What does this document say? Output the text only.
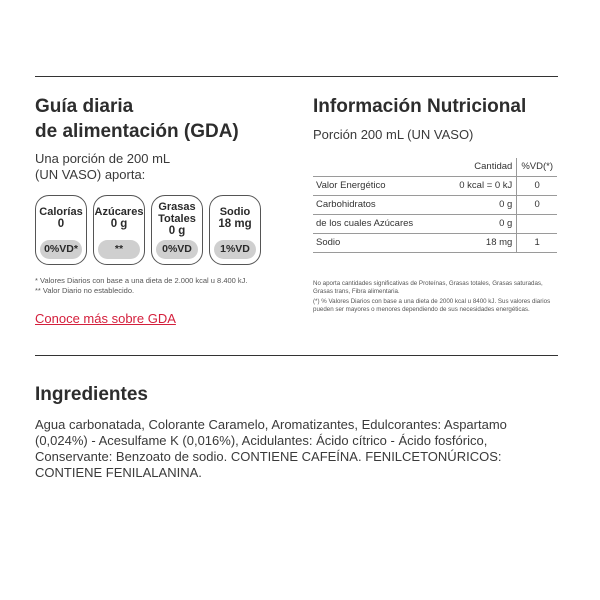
Guía diaria
de alimentación (GDA)
Una porción de 200 mL
(UN VASO) aporta:
Calorías
0
0%VD*
Azúcares
0 g
**
Grasas
Totales
0 g
0%VD
Sodio
18 mg
1%VD
* Valores Diarios con base a una dieta de 2.000 kcal u 8.400 kJ.
** Valor Diario no establecido.
Conoce más sobre GDA
Información Nutricional
Porción 200 mL (UN VASO)
	Cantidad	%VD(*)
Valor Energético	0 kcal = 0 kJ	0
Carbohidratos	0 g	0
de los cuales Azúcares	0 g	
Sodio	18 mg	1

No aporta cantidades significativas de Proteínas, Grasas totales, Grasas saturadas, Grasas trans, Fibra alimentaria.

(*) % Valores Diarios con base a una dieta de 2000 kcal u 8400 kJ. Sus valores diarios pueden ser mayores o menores dependiendo de sus necesidades energéticas.

Ingredientes
Agua carbonatada, Colorante Caramelo, Aromatizantes, Edulcorantes: Aspartamo (0,024%) - Acesulfame K (0,016%), Acidulantes: Ácido cítrico - Ácido fosfórico, Conservante: Benzoato de sodio. CONTIENE CAFEÍNA. FENILCETONÚRICOS: CONTIENE FENILALANINA.
